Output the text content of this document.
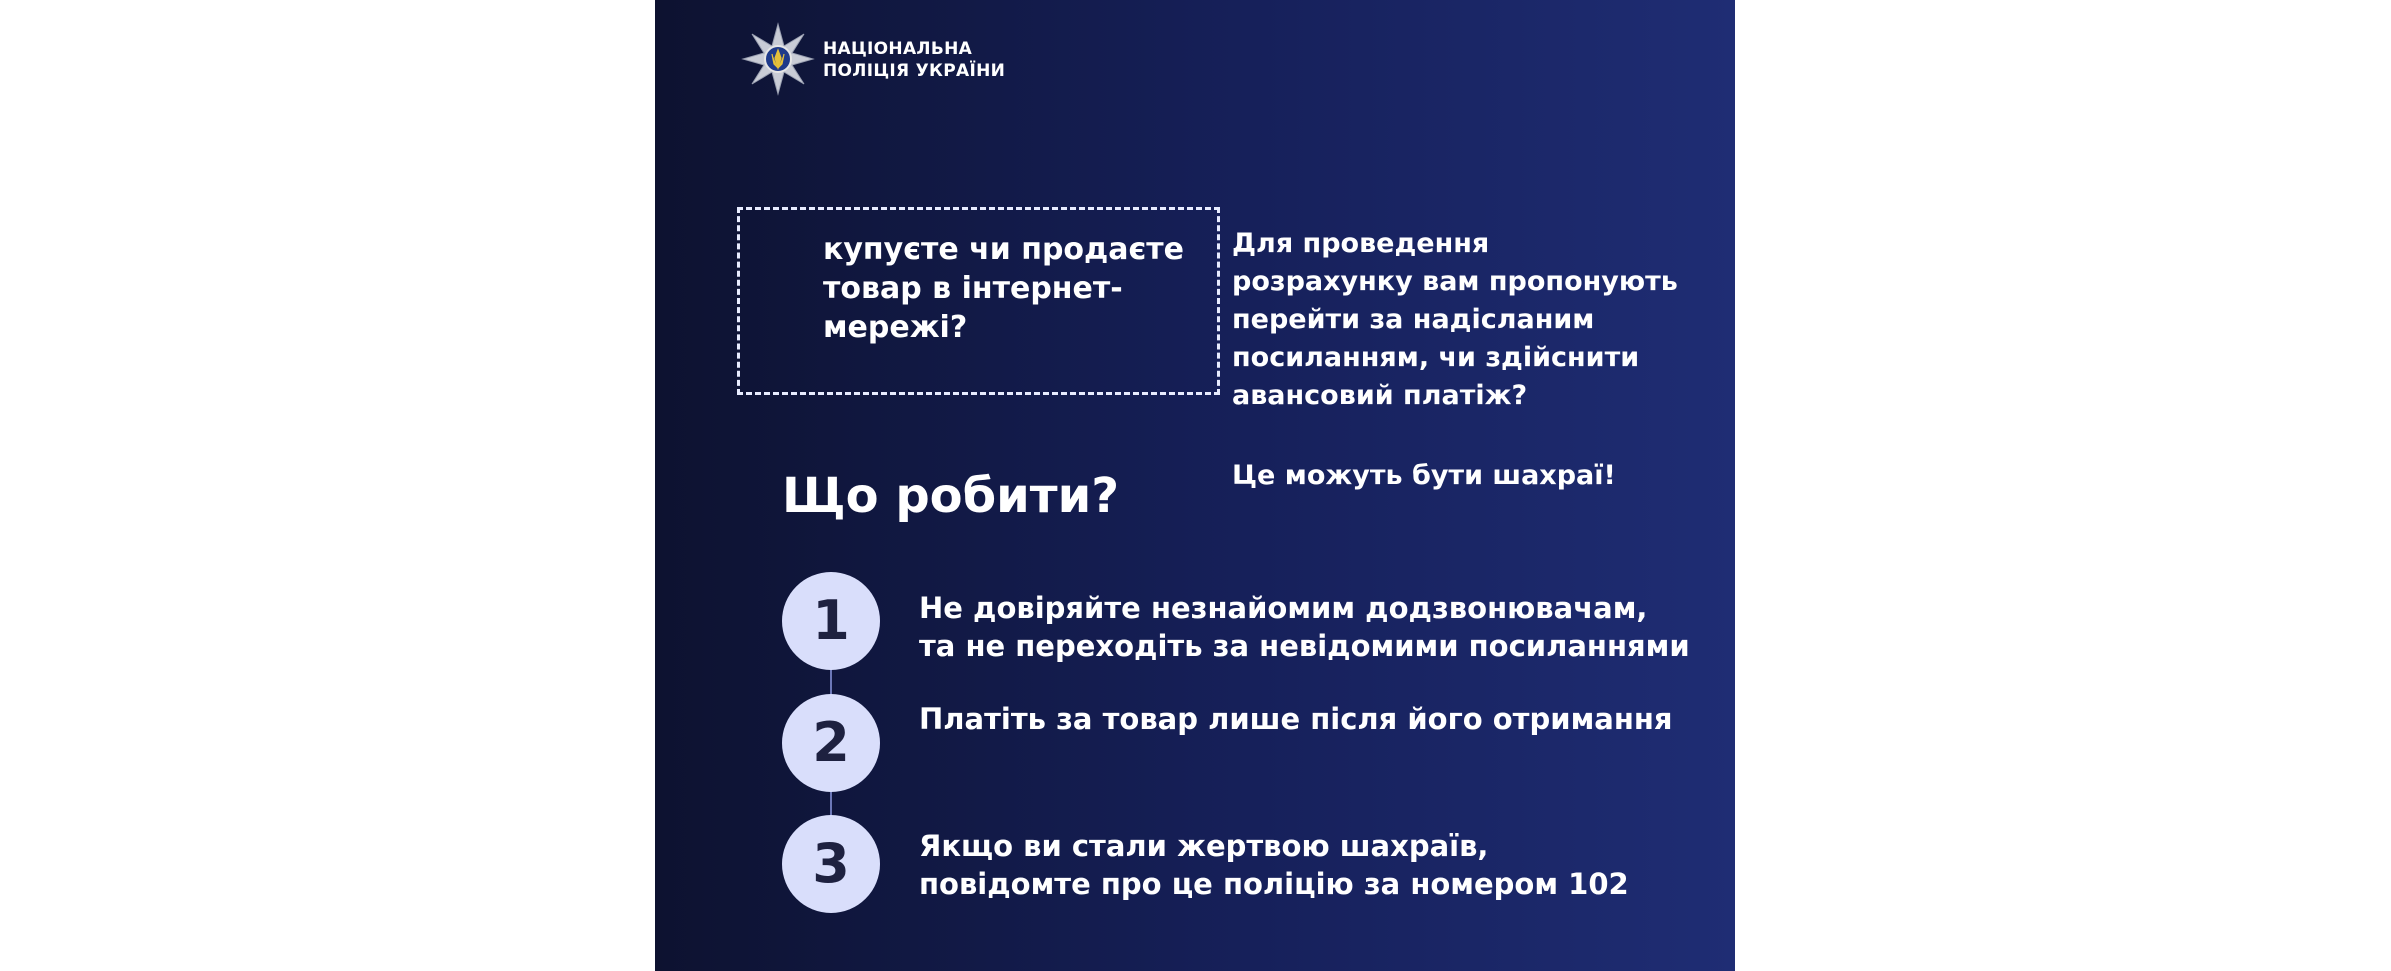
НАЦІОНАЛЬНА
ПОЛІЦІЯ УКРАЇНИ
купуєте чи продаєте
товар в інтернет-
мережі?
Для проведення
розрахунку вам пропонують
перейти за надісланим
посиланням, чи здійснити
авансовий платіж?
Це можуть бути шахраї!
Що робити?
1	Не довіряйте незнайомим додзвонювачам,
та не переходіть за невідомими посиланнями
2	Платіть за товар лише після його отримання
3	Якщо ви стали жертвою шахраїв,
повідомте про це поліцію за номером 102
